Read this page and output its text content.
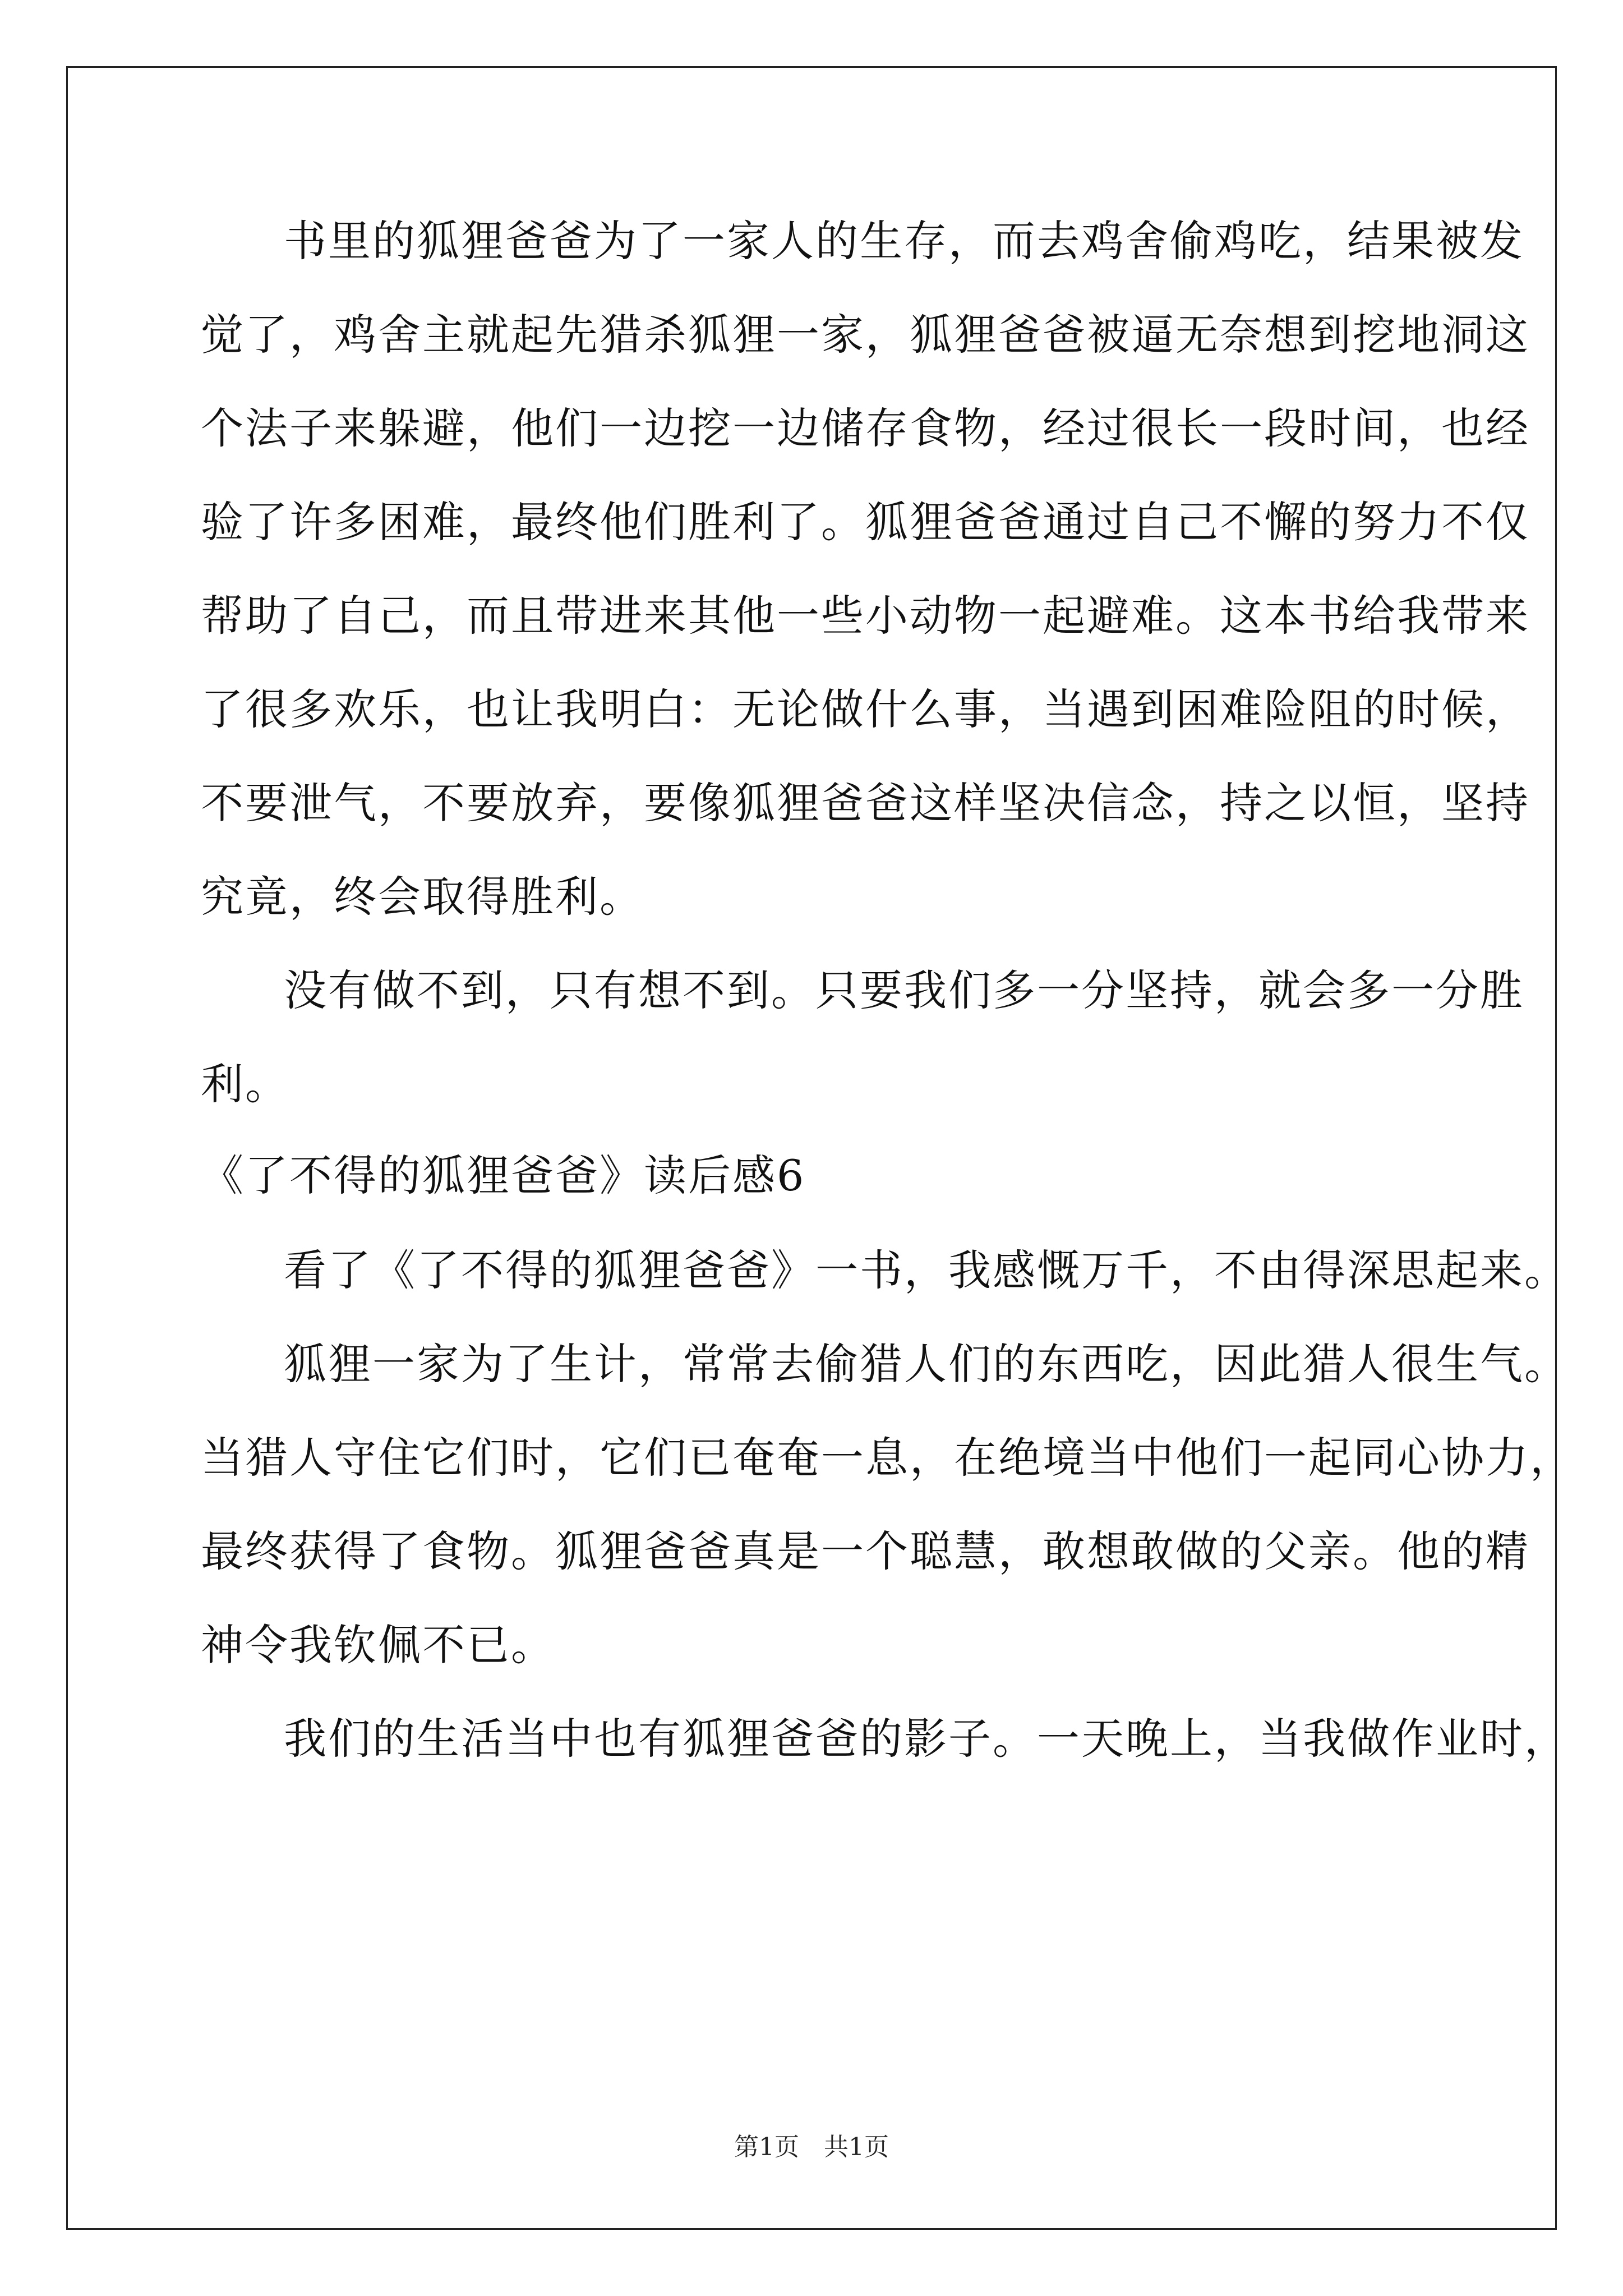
书里的狐狸爸爸为了一家人的生存，而去鸡舍偷鸡吃，结果被发
觉了，鸡舍主就起先猎杀狐狸一家，狐狸爸爸被逼无奈想到挖地洞这
个法子来躲避，他们一边挖一边储存食物，经过很长一段时间，也经
验了许多困难，最终他们胜利了。狐狸爸爸通过自己不懈的努力不仅
帮助了自己，而且带进来其他一些小动物一起避难。这本书给我带来
了很多欢乐，也让我明白：无论做什么事，当遇到困难险阻的时候，
不要泄气，不要放弃，要像狐狸爸爸这样坚决信念，持之以恒，坚持
究竟，终会取得胜利。
没有做不到，只有想不到。只要我们多一分坚持，就会多一分胜
利。
《了不得的狐狸爸爸》读后感6
看了《了不得的狐狸爸爸》一书，我感慨万千，不由得深思起来。
狐狸一家为了生计，常常去偷猎人们的东西吃，因此猎人很生气。
当猎人守住它们时，它们已奄奄一息，在绝境当中他们一起同心协力，
最终获得了食物。狐狸爸爸真是一个聪慧，敢想敢做的父亲。他的精
神令我钦佩不已。
我们的生活当中也有狐狸爸爸的影子。一天晚上，当我做作业时，
第1页　共1页
